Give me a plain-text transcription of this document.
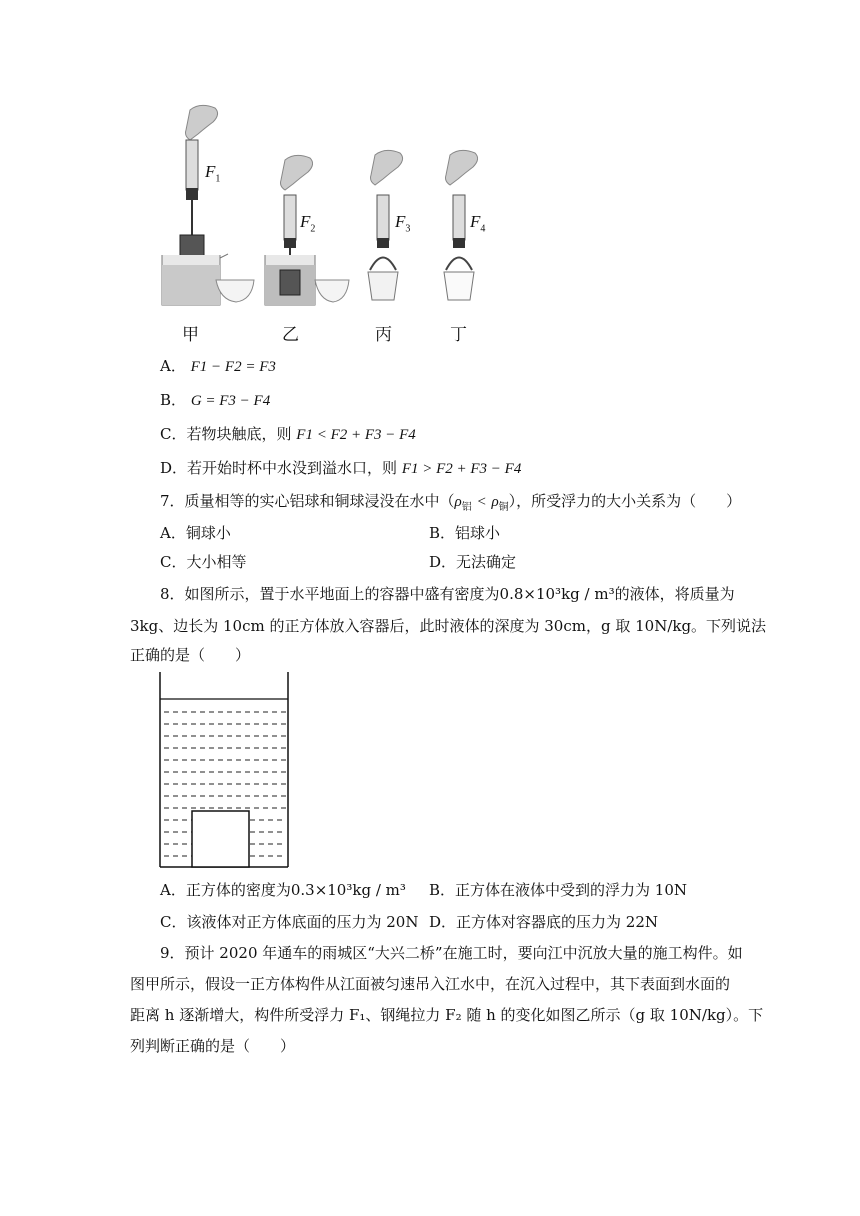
$F_1$
$F_2$	$F_3$	$F_4$
甲	乙	丙	丁
A． F1 − F2 = F3
B． G = F3 − F4
C．若物块触底，则 F1 < F2 + F3 − F4
D．若开始时杯中水没到溢水口，则 F1 > F2 + F3 − F4
7．质量相等的实心铝球和铜球浸没在水中$(\rho_铝 < \rho_铜)$，所受浮力的大小关系为（　　）
A．铜球小	B．铝球小
C．大小相等	D．无法确定
8．如图所示，置于水平地面上的容器中盛有密度为0.8×10³kg / m³的液体，将质量为
3kg、边长为 10cm 的正方体放入容器后，此时液体的深度为 30cm，g 取 10N/kg。下列说法
正确的是（　　）
A．正方体的密度为0.3×10³kg / m³ B．正方体在液体中受到的浮力为 10N
C．该液体对正方体底面的压力为 20N D．正方体对容器底的压力为 22N
9．预计 2020 年通车的雨城区“大兴二桥”在施工时，要向江中沉放大量的施工构件。如
图甲所示，假设一正方体构件从江面被匀速吊入江水中，在沉入过程中，其下表面到水面的
距离 h 逐渐增大，构件所受浮力 F₁、钢绳拉力 F₂ 随 h 的变化如图乙所示（g 取 10N/kg）。下
列判断正确的是（　　）
